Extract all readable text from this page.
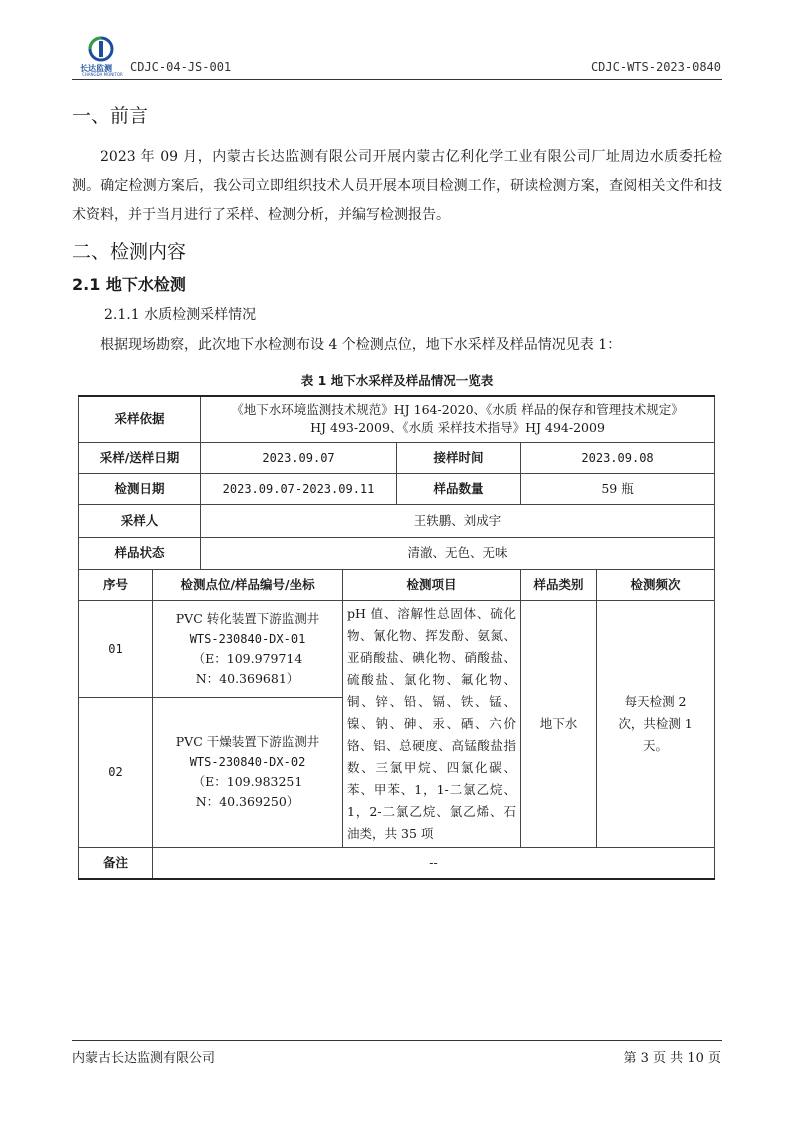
长达监测
CHANGDA MONITOR
CDJC-04-JS-001	CDJC-WTS-2023-0840
一、前言
2023 年 09 月，内蒙古长达监测有限公司开展内蒙古亿利化学工业有限公司厂址周边水质委托检测。确定检测方案后，我公司立即组织技术人员开展本项目检测工作，研读检测方案，查阅相关文件和技术资料，并于当月进行了采样、检测分析，并编写检测报告。
二、检测内容
2.1 地下水检测
2.1.1 水质检测采样情况
根据现场勘察，此次地下水检测布设 4 个检测点位，地下水采样及样品情况见表 1：
表 1 地下水采样及样品情况一览表
采样依据		《地下水环境监测技术规范》HJ 164-2020、《水质 样品的保存和管理技术规定》
HJ 493-2009、《水质 采样技术指导》HJ 494-2009				

采样/送样日期		2023.09.07		接样时间	2023.09.08	
检测日期		2023.09.07-2023.09.11		样品数量	59 瓶	
采样人		王轶鹏、刘成宇				
样品状态		清澈、无色、无味				
序号	检测点位/样品编号/坐标		检测项目		样品类别	检测频次
01	PVC 转化装置下游监测井
WTS-230840-DX-01
（E：109.979714
N：40.369681）		pH 值、溶解性总固体、硫化物、氰化物、挥发酚、氨氮、亚硝酸盐、碘化物、硝酸盐、硫酸盐、氯化物、氟化物、铜、锌、铅、镉、铁、锰、镍、钠、砷、汞、硒、六价铬、铝、总硬度、高锰酸盐指数、三氯甲烷、四氯化碳、苯、甲苯、1，1-二氯乙烷、1，2-二氯乙烷、氯乙烯、石油类，共 35 项		地下水	每天检测 2 次，共检测 1 天。
02	PVC 干燥装置下游监测井
WTS-230840-DX-02
（E：109.983251
N：40.369250）					

备注	--					
内蒙古长达监测有限公司	第 3 页 共 10 页
